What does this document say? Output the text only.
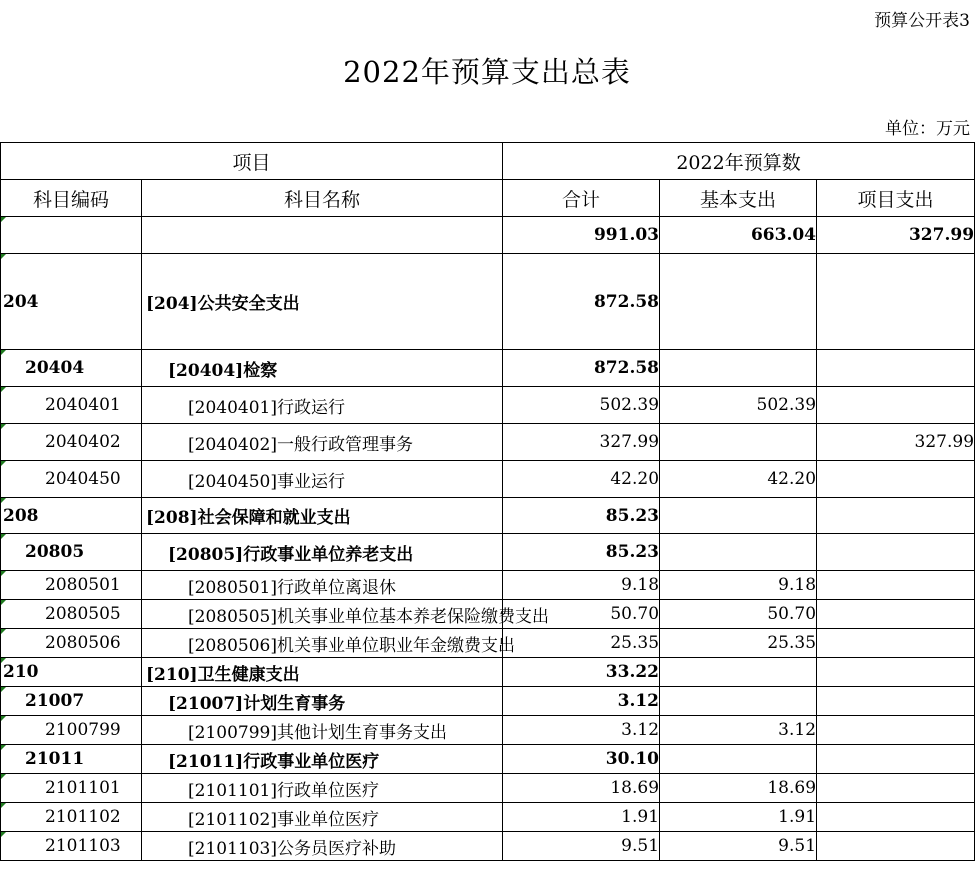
预算公开表3
2022年预算支出总表
单位：万元
项目		2022年预算数		
科目编码	科目名称	合计	基本支出	项目支出
		991.03	663.04	327.99
204	[204]公共安全支出	872.58		
20404	[20404]检察	872.58		
2040401	[2040401]行政运行	502.39	502.39	
2040402	[2040402]一般行政管理事务	327.99		327.99
2040450	[2040450]事业运行	42.20	42.20	
208	[208]社会保障和就业支出	85.23		
20805	[20805]行政事业单位养老支出	85.23		
2080501	[2080501]行政单位离退休	9.18	9.18	
2080505	[2080505]机关事业单位基本养老保险缴费支出	50.70	50.70	
2080506	[2080506]机关事业单位职业年金缴费支出	25.35	25.35	
210	[210]卫生健康支出	33.22		
21007	[21007]计划生育事务	3.12		
2100799	[2100799]其他计划生育事务支出	3.12	3.12	
21011	[21011]行政事业单位医疗	30.10		
2101101	[2101101]行政单位医疗	18.69	18.69	
2101102	[2101102]事业单位医疗	1.91	1.91	
2101103	[2101103]公务员医疗补助	9.51	9.51	
